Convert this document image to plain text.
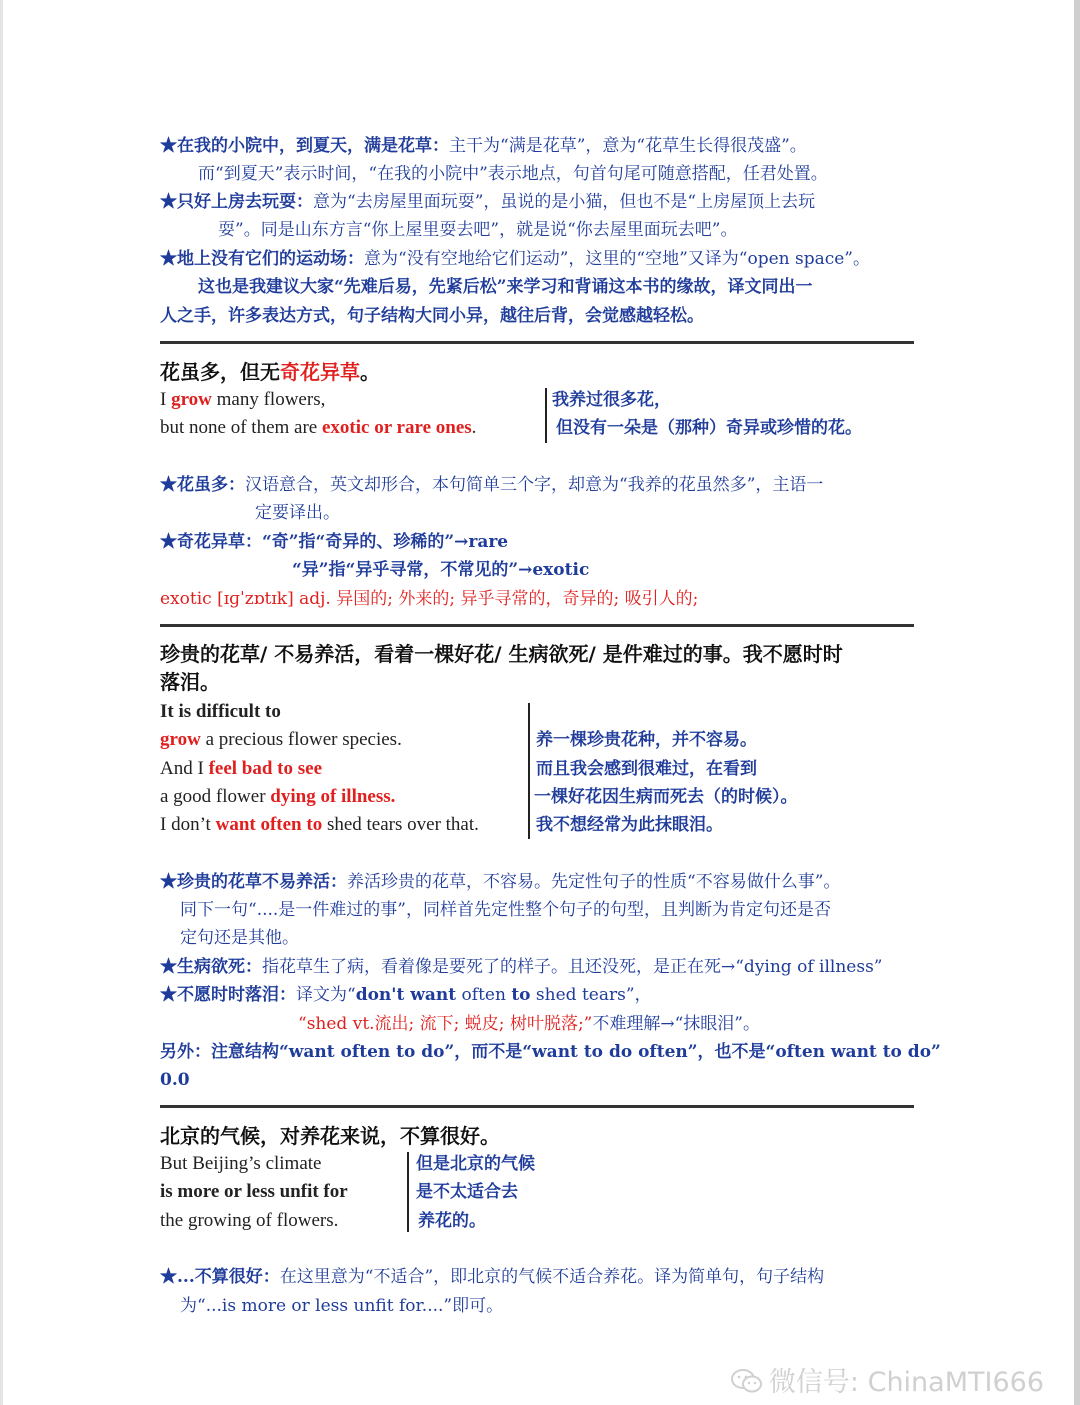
★在我的小院中，到夏天，满是花草：主干为“满是花草”，意为“花草生长得很茂盛”。
而“到夏天”表示时间，“在我的小院中”表示地点，句首句尾可随意搭配，任君处置。
★只好上房去玩耍：意为“去房屋里面玩耍”，虽说的是小猫，但也不是“上房屋顶上去玩
耍”。同是山东方言“你上屋里耍去吧”，就是说“你去屋里面玩去吧”。
★地上没有它们的运动场：意为“没有空地给它们运动”，这里的“空地”又译为“open space”。
这也是我建议大家“先难后易，先紧后松”来学习和背诵这本书的缘故，译文同出一
人之手，许多表达方式，句子结构大同小异，越往后背，会觉感越轻松。
花虽多，但无奇花异草。
I grow many flowers,
but none of them are exotic or rare ones.
我养过很多花，
但没有一朵是（那种）奇异或珍惜的花。
★花虽多：汉语意合，英文却形合，本句简单三个字，却意为“我养的花虽然多”，主语一
定要译出。
★奇花异草：“奇”指“奇异的、珍稀的”→rare
“异”指“异乎寻常，不常见的”→exotic
exotic [ɪɡˈzɒtɪk] adj. 异国的; 外来的; 异乎寻常的，奇异的; 吸引人的;
珍贵的花草/ 不易养活，看着一棵好花/ 生病欲死/ 是件难过的事。我不愿时时
落泪。
It is difficult to
grow a precious flower species.
And I feel bad to see
a good flower dying of illness.
I don’t want often to shed tears over that.
养一棵珍贵花种，并不容易。
而且我会感到很难过，在看到
一棵好花因生病而死去（的时候）。
我不想经常为此抹眼泪。
★珍贵的花草不易养活：养活珍贵的花草，不容易。先定性句子的性质“不容易做什么事”。
同下一句“....是一件难过的事”，同样首先定性整个句子的句型，且判断为肯定句还是否
定句还是其他。
★生病欲死：指花草生了病，看着像是要死了的样子。且还没死，是正在死→“dying of illness”
★不愿时时落泪：译文为“don't want often to shed tears”，
“shed vt.流出; 流下; 蜕皮; 树叶脱落;”不难理解→“抹眼泪”。
另外：注意结构“want often to do”，而不是“want to do often”，也不是“often want to do”
0.0
北京的气候，对养花来说，不算很好。
But Beijing’s climate
is more or less unfit for
the growing of flowers.
但是北京的气候
是不太适合去
养花的。
★...不算很好：在这里意为“不适合”，即北京的气候不适合养花。译为简单句，句子结构
为“...is more or less unfit for....”即可。
微信号: ChinaMTI666
